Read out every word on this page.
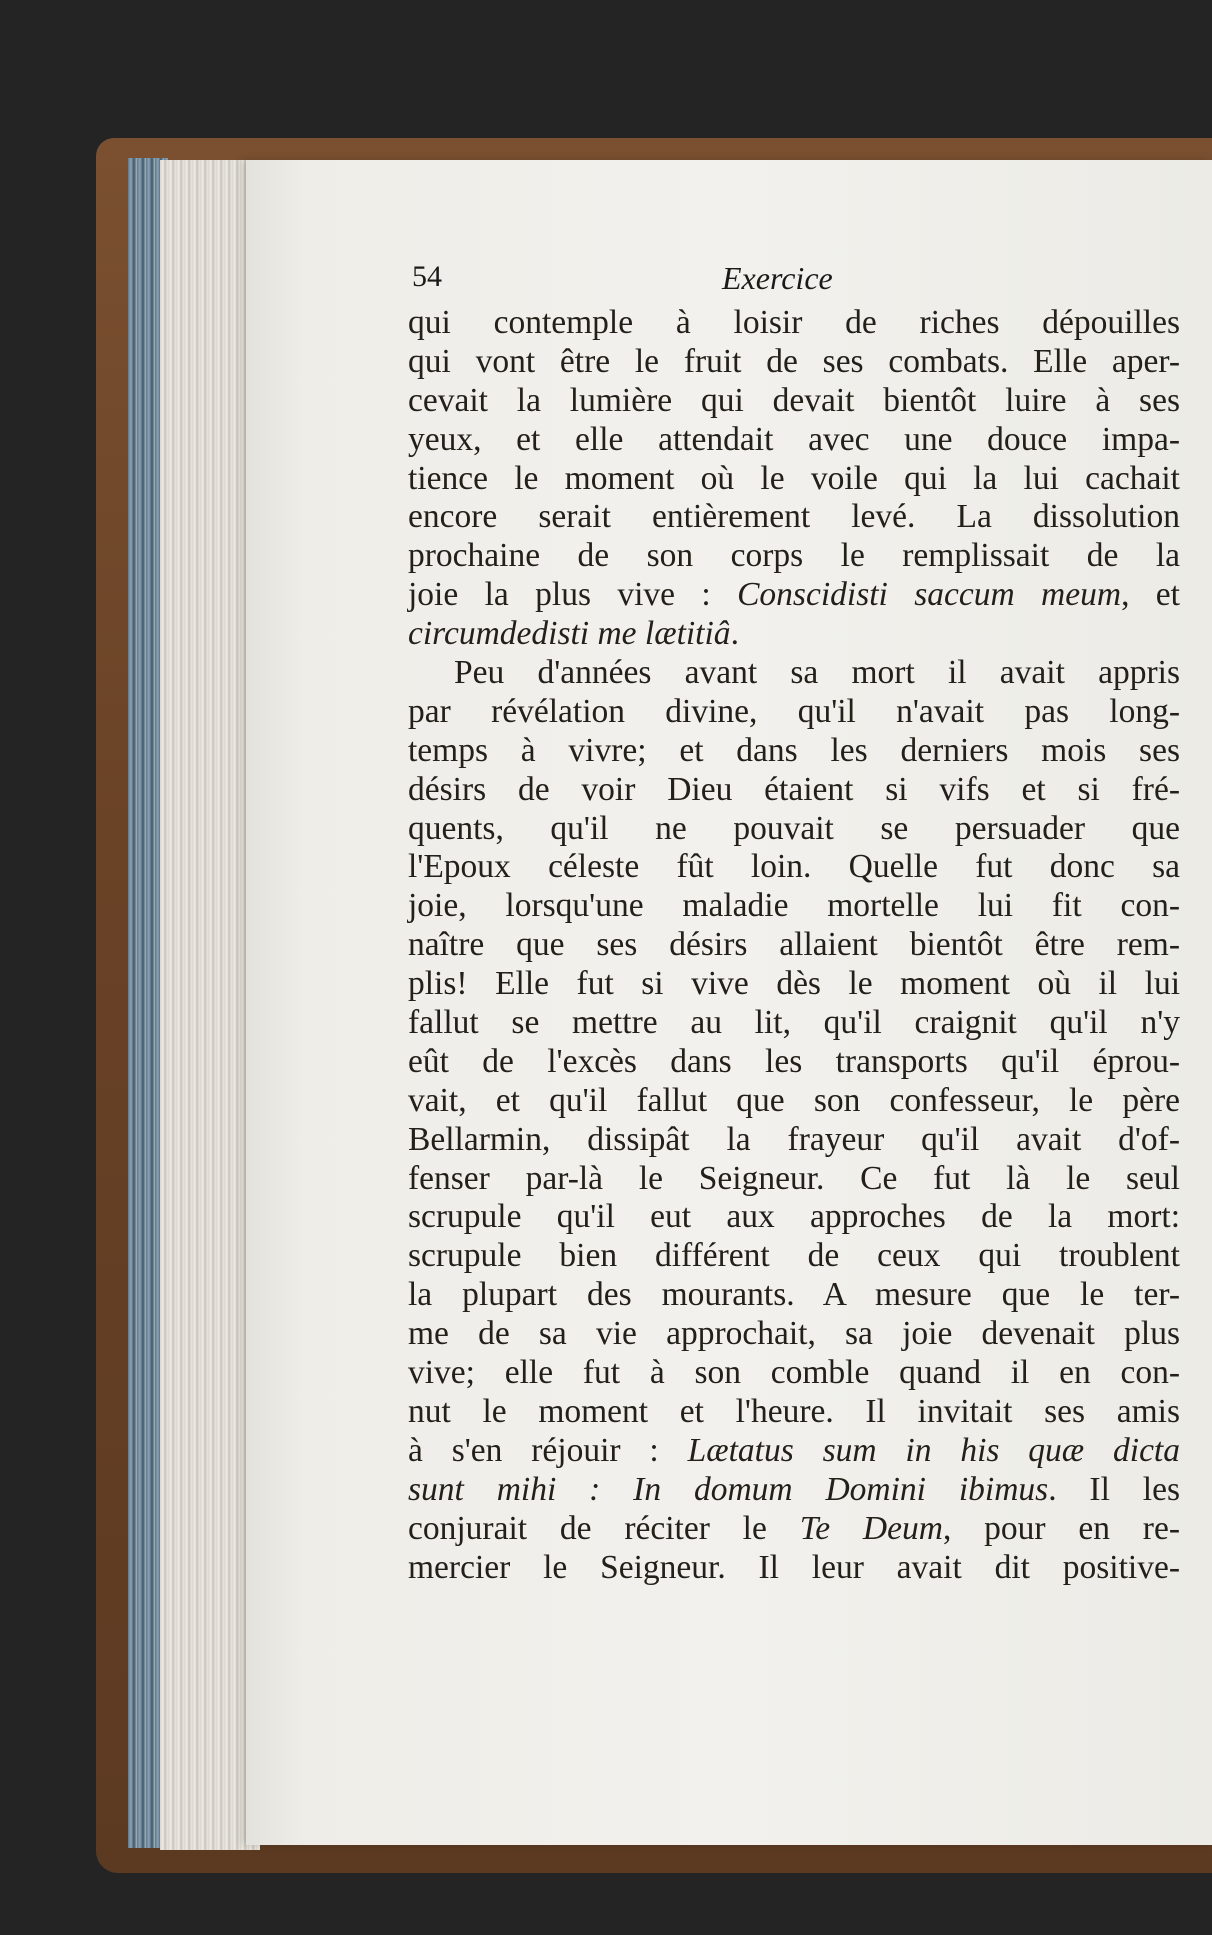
54	Exercice
qui contemple à loisir de riches dépouilles
qui vont être le fruit de ses combats. Elle aper-
cevait la lumière qui devait bientôt luire à ses
yeux, et elle attendait avec une douce impa-
tience le moment où le voile qui la lui cachait
encore serait entièrement levé. La dissolution
prochaine de son corps le remplissait de la
joie la plus vive : Conscidisti saccum meum, et
circumdedisti me lætitiâ.
Peu d'années avant sa mort il avait appris
par révélation divine, qu'il n'avait pas long-
temps à vivre; et dans les derniers mois ses
désirs de voir Dieu étaient si vifs et si fré-
quents, qu'il ne pouvait se persuader que
l'Epoux céleste fût loin. Quelle fut donc sa
joie, lorsqu'une maladie mortelle lui fit con-
naître que ses désirs allaient bientôt être rem-
plis! Elle fut si vive dès le moment où il lui
fallut se mettre au lit, qu'il craignit qu'il n'y
eût de l'excès dans les transports qu'il éprou-
vait, et qu'il fallut que son confesseur, le père
Bellarmin, dissipât la frayeur qu'il avait d'of-
fenser par-là le Seigneur. Ce fut là le seul
scrupule qu'il eut aux approches de la mort:
scrupule bien différent de ceux qui troublent
la plupart des mourants. A mesure que le ter-
me de sa vie approchait, sa joie devenait plus
vive; elle fut à son comble quand il en con-
nut le moment et l'heure. Il invitait ses amis
à s'en réjouir : Lætatus sum in his quæ dicta
sunt mihi : In domum Domini ibimus. Il les
conjurait de réciter le Te Deum, pour en re-
mercier le Seigneur. Il leur avait dit positive-
